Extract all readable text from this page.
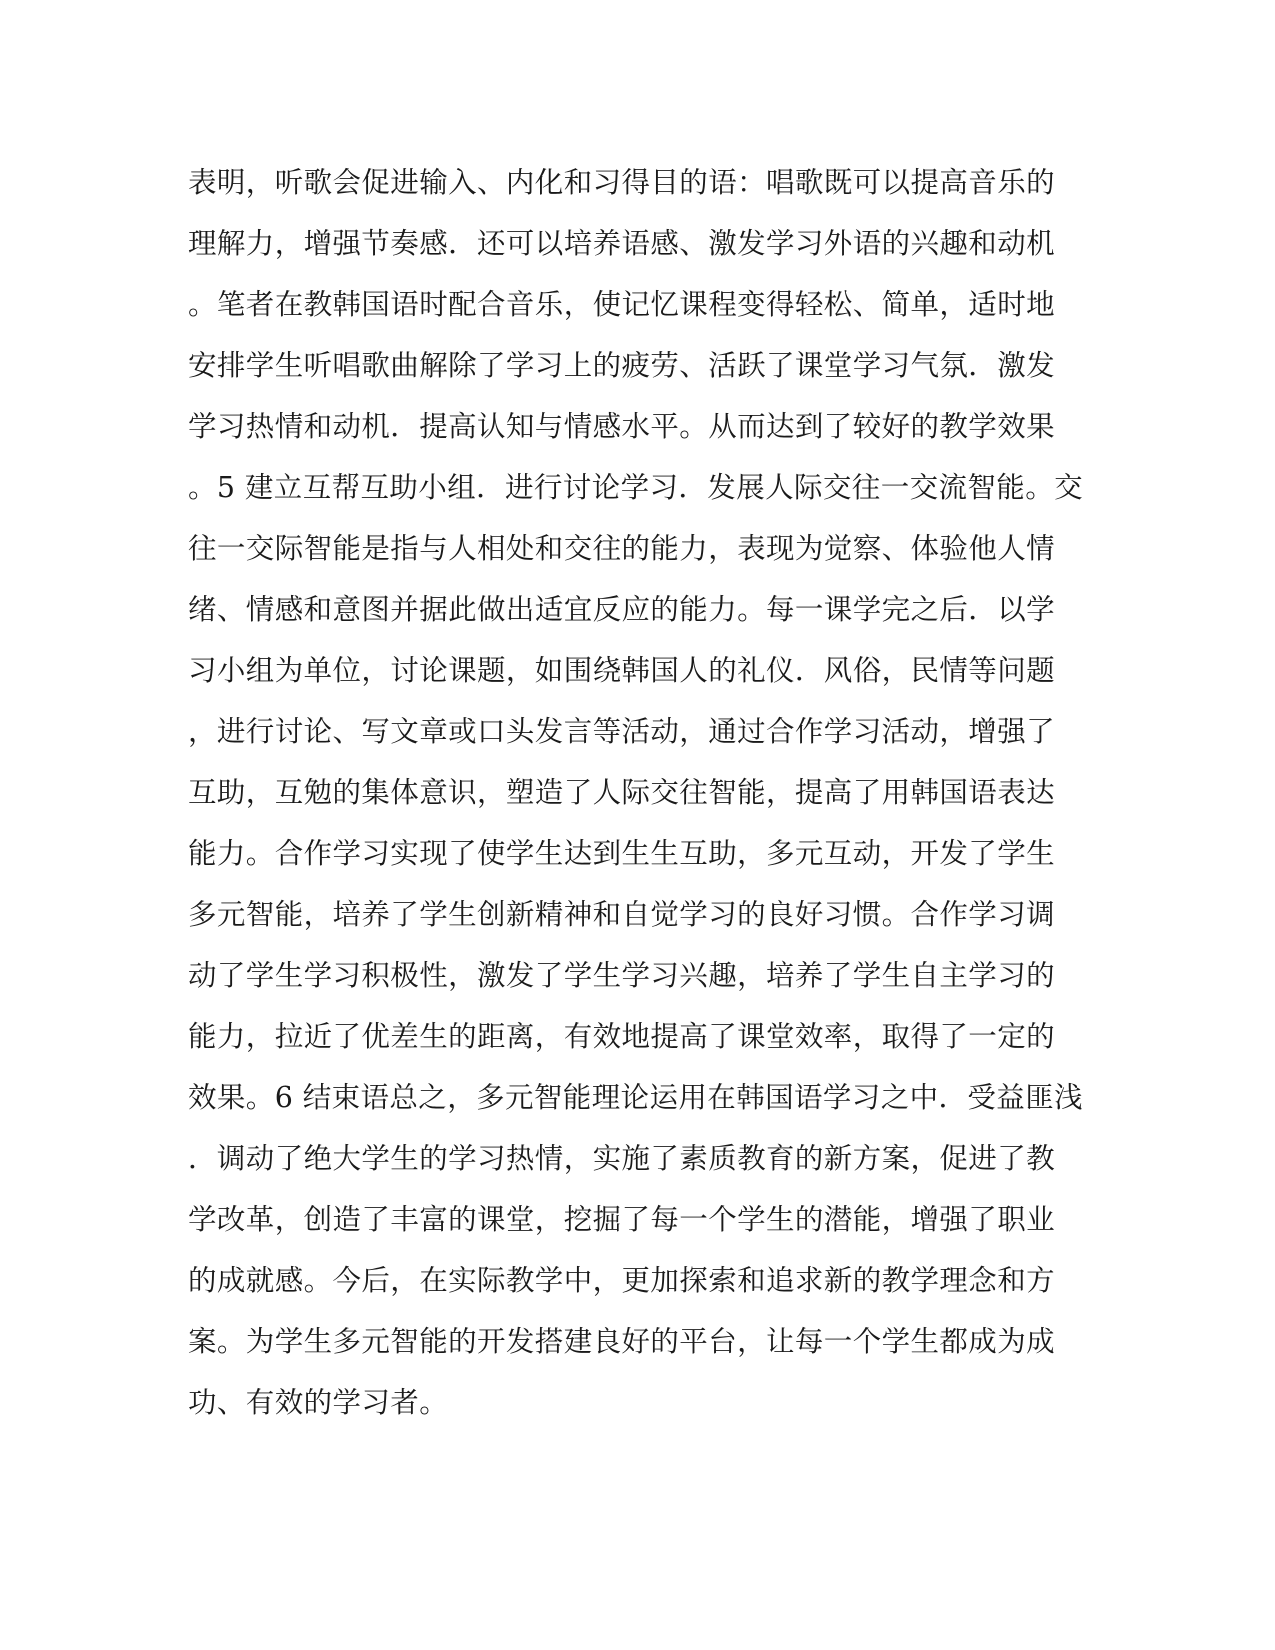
表明，听歌会促进输入、内化和习得目的语：唱歌既可以提高音乐的
理解力，增强节奏感．还可以培养语感、激发学习外语的兴趣和动机
。笔者在教韩国语时配合音乐，使记忆课程变得轻松、简单，适时地
安排学生听唱歌曲解除了学习上的疲劳、活跃了课堂学习气氛．激发
学习热情和动机．提高认知与情感水平。从而达到了较好的教学效果
。5 建立互帮互助小组．进行讨论学习．发展人际交往一交流智能。交
往一交际智能是指与人相处和交往的能力，表现为觉察、体验他人情
绪、情感和意图并据此做出适宜反应的能力。每一课学完之后．以学
习小组为单位，讨论课题，如围绕韩国人的礼仪．风俗，民情等问题
，进行讨论、写文章或口头发言等活动，通过合作学习活动，增强了
互助，互勉的集体意识，塑造了人际交往智能，提高了用韩国语表达
能力。合作学习实现了使学生达到生生互助，多元互动，开发了学生
多元智能，培养了学生创新精神和自觉学习的良好习惯。合作学习调
动了学生学习积极性，激发了学生学习兴趣，培养了学生自主学习的
能力，拉近了优差生的距离，有效地提高了课堂效率，取得了一定的
效果。6 结束语总之，多元智能理论运用在韩国语学习之中．受益匪浅
．调动了绝大学生的学习热情，实施了素质教育的新方案，促进了教
学改革，创造了丰富的课堂，挖掘了每一个学生的潜能，增强了职业
的成就感。今后，在实际教学中，更加探索和追求新的教学理念和方
案。为学生多元智能的开发搭建良好的平台，让每一个学生都成为成
功、有效的学习者。
